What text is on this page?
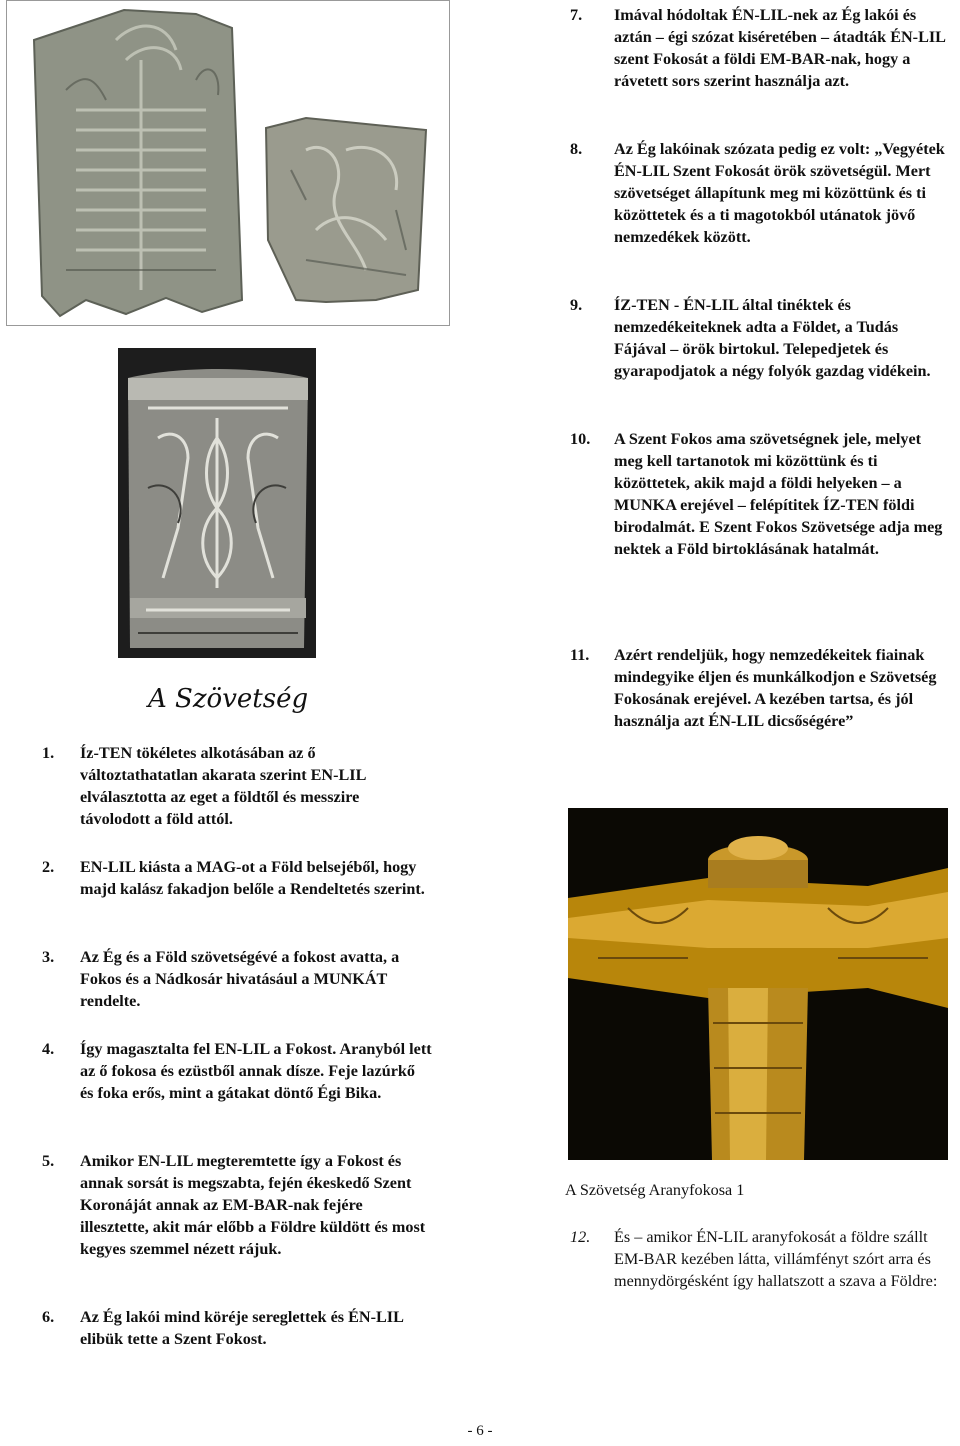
7.	Imával hódoltak ÉN-LIL-nek az Ég lakói és aztán – égi szózat kiséretében – átadták ÉN-LIL szent Fokosát a földi EM-BAR-nak, hogy a rávetett sors szerint használja azt.
8.	Az Ég lakóinak szózata pedig ez volt: „Vegyétek ÉN-LIL Szent Fokosát örök szövetségül. Mert szövetséget állapítunk meg mi közöttünk és ti közöttetek és a ti magotokból utánatok jövő nemzedékek között.
9.	ÍZ-TEN - ÉN-LIL által tinéktek és nemzedékeiteknek adta a Földet, a Tudás Fájával – örök birtokul. Telepedjetek és gyarapodjatok a négy folyók gazdag vidékein.
10.	A Szent Fokos ama szövetségnek jele, melyet meg kell tartanotok mi közöttünk és ti közöttetek, akik majd a földi helyeken – a MUNKA erejével – felépítitek ÍZ-TEN földi birodalmát. E Szent Fokos Szövetsége adja meg nektek a Föld birtoklásának hatalmát.
11.	Azért rendeljük, hogy nemzedékeitek fiainak mindegyike éljen és munkálkodjon e Szövetség Fokosának erejével. A kezében tartsa, és jól használja azt ÉN-LIL dicsőségére”
A Szövetség
1.	Íz-TEN tökéletes alkotásában az ő változtathatatlan akarata szerint EN-LIL elválasztotta az eget a földtől és messzire távolodott a föld attól.
2.	EN-LIL kiásta a MAG-ot a Föld belsejéből, hogy majd kalász fakadjon belőle a Rendeltetés szerint.
3.	Az Ég és a Föld szövetségévé a fokost avatta, a Fokos és a Nádkosár hivatásául a MUNKÁT rendelte.
4.	Így magasztalta fel EN-LIL a Fokost. Aranyból lett az ő fokosa és ezüstből annak dísze. Feje lazúrkő és foka erős, mint a gátakat döntő Égi Bika.
5.	Amikor EN-LIL megteremtette így a Fokost és annak sorsát is megszabta, fején ékeskedő Szent Koronáját annak az EM-BAR-nak fejére illesztette, akit már előbb a Földre küldött és most kegyes szemmel nézett rájuk.
6.	Az Ég lakói mind köréje sereglettek és ÉN-LIL elibük tette a Szent Fokost.
A Szövetség Aranyfokosa 1
12.	És – amikor ÉN-LIL aranyfokosát a földre szállt EM-BAR kezében látta, villámfényt szórt arra és mennydörgésként így hallatszott a szava a Földre:
- 6 -
